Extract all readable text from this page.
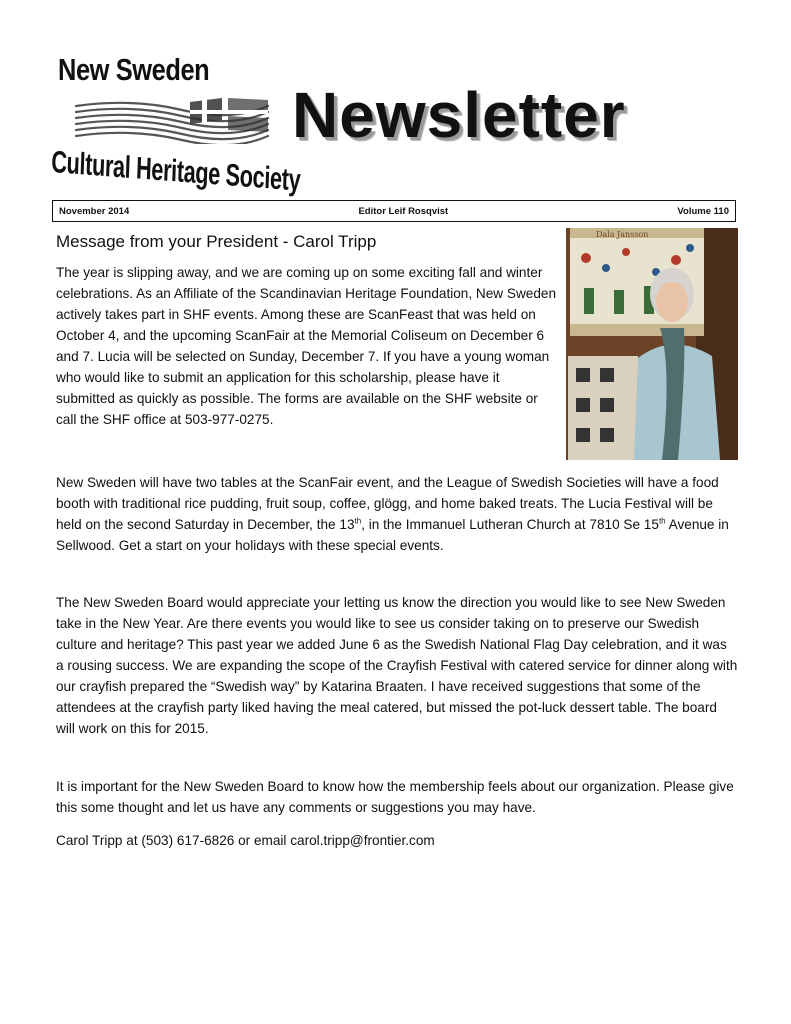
New Sweden
Cultural Heritage Society
Newsletter
November 2014	Editor Leif Rosqvist	Volume 110
Message from your President - Carol Tripp	Dala Jansson

The year is slipping away, and we are coming up on some exciting fall and winter celebrations. As an Affiliate of the Scandinavian Heritage Foundation, New Sweden actively takes part in SHF events. Among these are ScanFeast that was held on October 4, and the upcoming ScanFair at the Memorial Coliseum on December 6 and 7. Lucia will be selected on Sunday, December 7. If you have a young woman who would like to submit an application for this scholarship, please have it submitted as quickly as possible. The forms are available on the SHF website or call the SHF office at 503-977-0275.

New Sweden will have two tables at the ScanFair event, and the League of Swedish Societies will have a food booth with traditional rice pudding, fruit soup, coffee, glögg, and home baked treats. The Lucia Festival will be held on the second Saturday in December, the 13th, in the Immanuel Lutheran Church at 7810 Se 15th Avenue in Sellwood. Get a start on your holidays with these special events.

The New Sweden Board would appreciate your letting us know the direction you would like to see New Sweden take in the New Year. Are there events you would like to see us consider taking on to preserve our Swedish culture and heritage? This past year we added June 6 as the Swedish National Flag Day celebration, and it was a rousing success. We are expanding the scope of the Crayfish Festival with catered service for dinner along with our crayfish prepared the “Swedish way” by Katarina Braaten. I have received suggestions that some of the attendees at the crayfish party liked having the meal catered, but missed the pot-luck dessert table. The board will work on this for 2015.

It is important for the New Sweden Board to know how the membership feels about our organization. Please give this some thought and let us have any comments or suggestions you may have.

Carol Tripp at (503) 617-6826 or email carol.tripp@frontier.com
